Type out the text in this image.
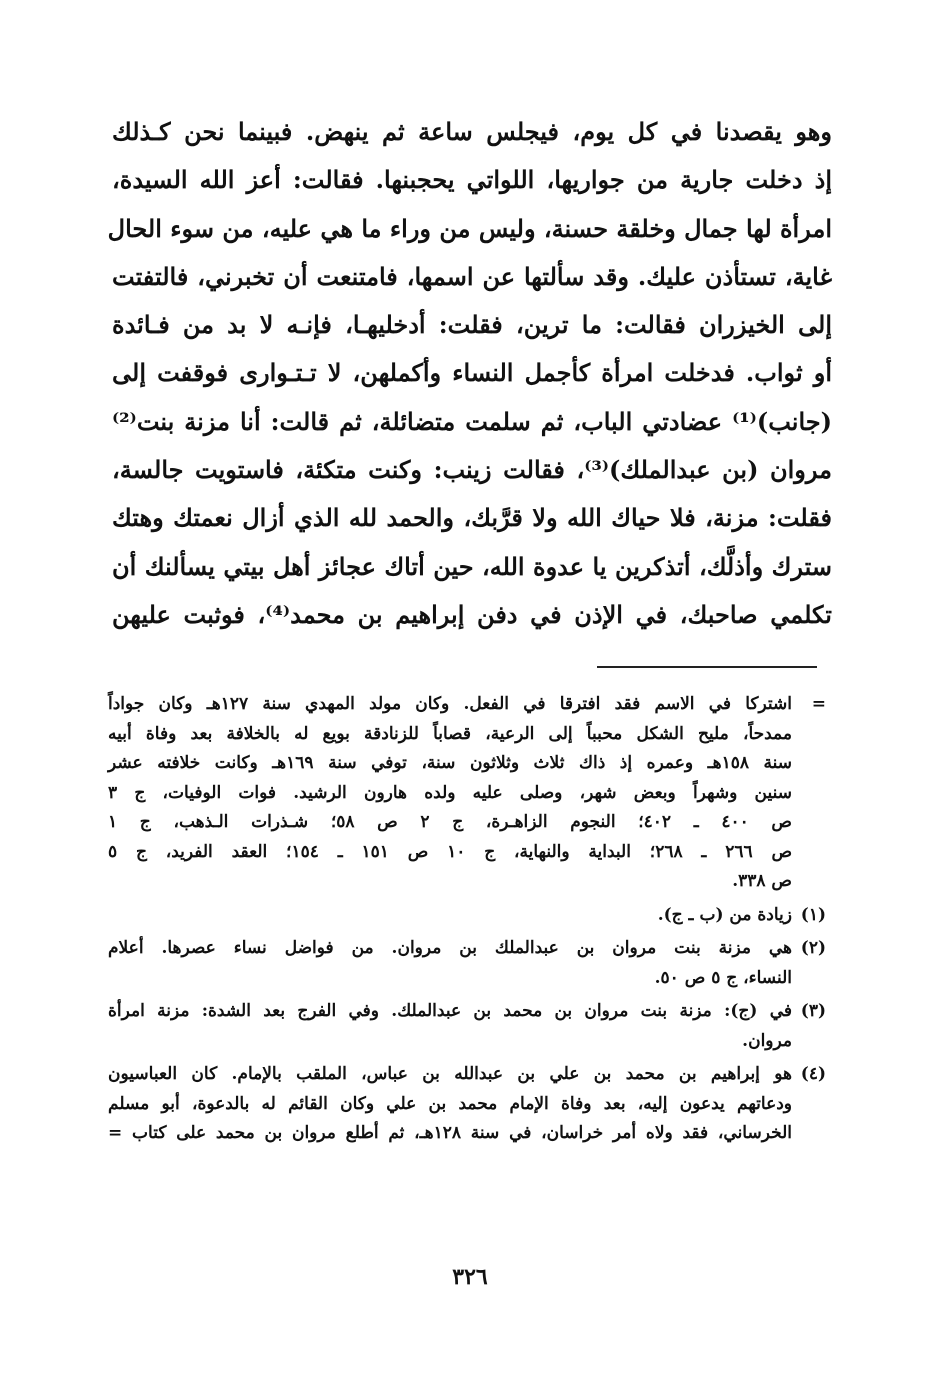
وهو يقصدنا في كل يوم، فيجلس ساعة ثم ينهض. فبينما نحن كـذلك
إذ دخلت جارية من جواريها، اللواتي يحجبنها. فقالت: أعز الله السيدة،
امرأة لها جمال وخلقة حسنة، وليس من وراء ما هي عليه، من سوء الحال
غاية، تستأذن عليك. وقد سألتها عن اسمها، فامتنعت أن تخبرني، فالتفتت
إلى الخيزران فقالت: ما ترين، فقلت: أدخليهـا، فإنـه لا بد من فـائدة
أو ثواب. فدخلت امرأة كأجمل النساء وأكملهن، لا تـتـوارى فوقفت إلى
(جانب)⁽¹⁾ عضادتي الباب، ثم سلمت متضائلة، ثم قالت: أنا مزنة بنت⁽²⁾
مروان (بن عبدالملك)⁽³⁾، فقالت زينب: وكنت متكئة، فاستويت جالسة،
فقلت: مزنة، فلا حياك الله ولا قرَّبك، والحمد لله الذي أزال نعمتك وهتك
سترك وأذلَّك، أتذكرين يا عدوة الله، حين أتاك عجائز أهل بيتي يسألنك أن
تكلمي صاحبك، في الإذن في دفن إبراهيم بن محمد⁽⁴⁾، فوثبت عليهن
=
اشتركا في الاسم فقد افترقا في الفعل. وكان مولد المهدي سنة ١٢٧هـ وكان جواداً
ممدحاً، مليح الشكل محبباً إلى الرعية، قصاباً للزنادقة بويع له بالخلافة بعد وفاة أبيه
سنة ١٥٨هـ وعمره إذ ذاك ثلاث وثلاثون سنة، توفي سنة ١٦٩هـ وكانت خلافته عشر
سنين وشهراً وبعض شهر، وصلى عليه ولده هارون الرشيد. فوات الوفيات، ج ٣
ص ٤٠٠ ـ ٤٠٢؛ النجوم الزاهـرة، ج ٢ ص ٥٨؛ شـذرات الـذهب، ج ١
ص ٢٦٦ ـ ٢٦٨؛ البداية والنهاية، ج ١٠ ص ١٥١ ـ ١٥٤؛ العقد الفريد، ج ٥
ص ٣٣٨.
(١)
زيادة من (ب ـ ج).
(٢)
هي مزنة بنت مروان بن عبدالملك بن مروان. من فواضل نساء عصرها. أعلام
النساء، ج ٥ ص ٥٠.
(٣)
في (ج): مزنة بنت مروان بن محمد بن عبدالملك. وفي الفرج بعد الشدة: مزنة امرأة
مروان.
(٤)
هو إبراهيم بن محمد بن علي بن عبدالله بن عباس، الملقب بالإمام. كان العباسيون
ودعاتهم يدعون إليه، بعد وفاة الإمام محمد بن علي وكان القائم له بالدعوة، أبو مسلم
الخرساني، فقد ولاه أمر خراسان، في سنة ١٢٨هـ، ثم أطلع مروان بن محمد على كتاب =
٣٢٦
